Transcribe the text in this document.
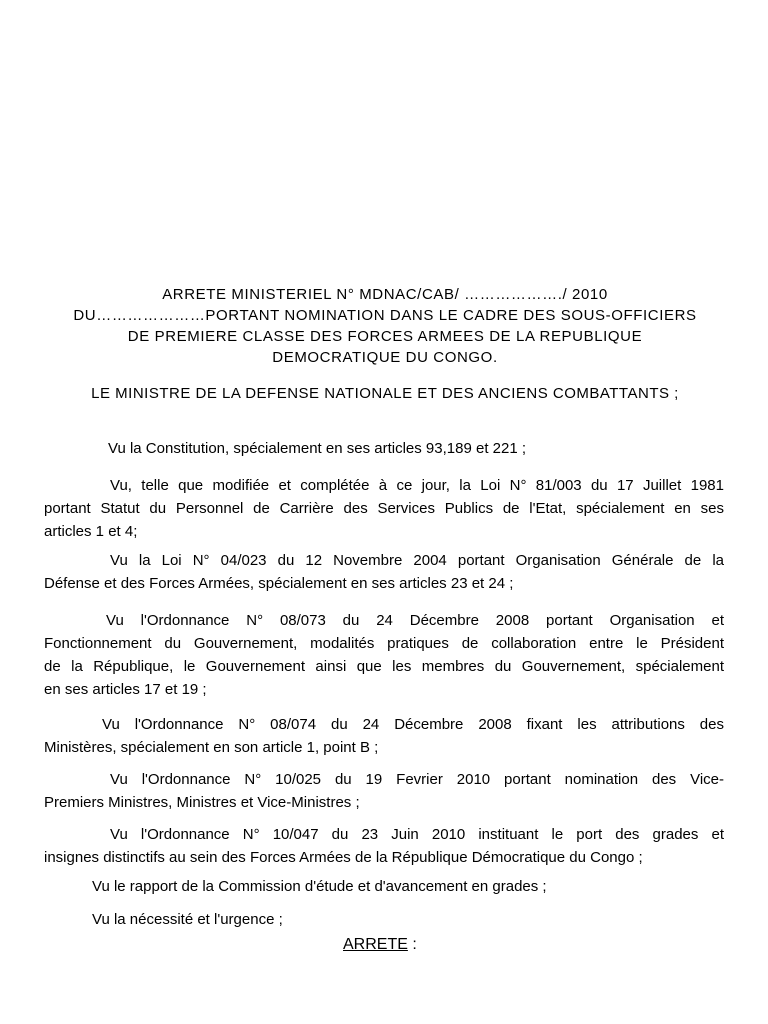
ARRETE MINISTERIEL N° MDNAC/CAB/ ………………./ 2010
DU…………………PORTANT NOMINATION DANS LE CADRE DES SOUS-OFFICIERS
DE PREMIERE CLASSE DES FORCES ARMEES DE LA REPUBLIQUE
DEMOCRATIQUE DU CONGO.
LE MINISTRE DE LA DEFENSE NATIONALE ET DES ANCIENS COMBATTANTS ;
Vu la Constitution, spécialement en ses articles 93,189 et 221 ;
Vu, telle que modifiée et complétée à ce jour, la Loi N° 81/003 du 17 Juillet 1981
portant Statut du Personnel de Carrière des Services Publics de l'Etat, spécialement en ses
articles 1 et 4;
Vu la Loi N° 04/023 du 12 Novembre 2004 portant Organisation Générale de la
Défense et des Forces Armées, spécialement en ses articles 23 et 24 ;
Vu l'Ordonnance N° 08/073 du 24 Décembre 2008 portant Organisation et
Fonctionnement du Gouvernement, modalités pratiques de collaboration entre le Président
de la République, le Gouvernement ainsi que les membres du Gouvernement, spécialement
en ses articles 17 et 19 ;
Vu l'Ordonnance N° 08/074 du 24 Décembre 2008 fixant les attributions des
Ministères, spécialement en son article 1, point B ;
Vu l'Ordonnance N° 10/025 du 19 Fevrier 2010 portant nomination des Vice-
Premiers Ministres, Ministres et Vice-Ministres ;
Vu l'Ordonnance N° 10/047 du 23 Juin 2010 instituant le port des grades et
insignes distinctifs au sein des Forces Armées de la République Démocratique du Congo ;
Vu le rapport de la Commission d'étude et d'avancement en grades ;
Vu la nécessité et l'urgence ;
ARRETE :
